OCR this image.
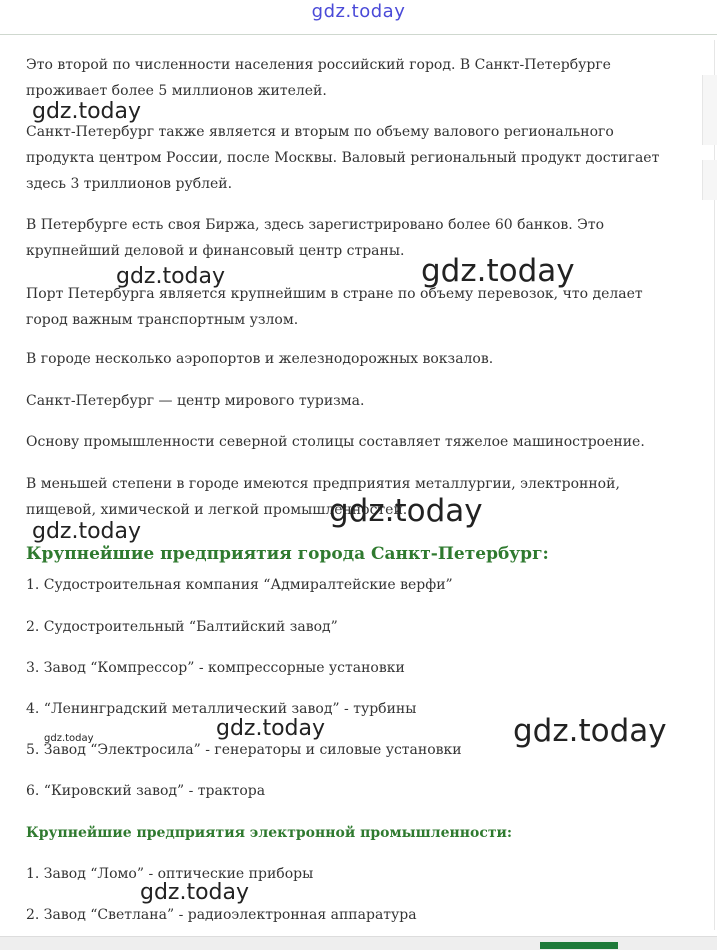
gdz.today

Это второй по численности населения российский город. В Санкт-Петербурге проживает более 5 миллионов жителей.

Санкт-Петербург также является и вторым по объему валового регионального продукта центром России, после Москвы. Валовый региональный продукт достигает здесь 3 триллионов рублей.

В Петербурге есть своя Биржа, здесь зарегистрировано более 60 банков. Это крупнейший деловой и финансовый центр страны.

Порт Петербурга является крупнейшим в стране по объему перевозок, что делает город важным транспортным узлом.

В городе несколько аэропортов и железнодорожных вокзалов.

Санкт-Петербург — центр мирового туризма.

Основу промышленности северной столицы составляет тяжелое машиностроение.

В меньшей степени в городе имеются предприятия металлургии, электронной, пищевой, химической и легкой промышленностей.

Крупнейшие предприятия города Санкт-Петербург:

1. Судостроительная компания “Адмиралтейские верфи”

2. Судостроительный “Балтийский завод”

3. Завод “Компрессор” - компрессорные установки

4. “Ленинградский металлический завод” - турбины

5. Завод “Электросила” - генераторы и силовые установки

6. “Кировский завод” - трактора

Крупнейшие предприятия электронной промышленности:

1. Завод “Ломо” - оптические приборы

2. Завод “Светлана” - радиоэлектронная аппаратура

gdz.today
gdz.today	gdz.today
gdz.today
gdz.today
gdz.today	gdz.today
gdz.today
gdz.today
